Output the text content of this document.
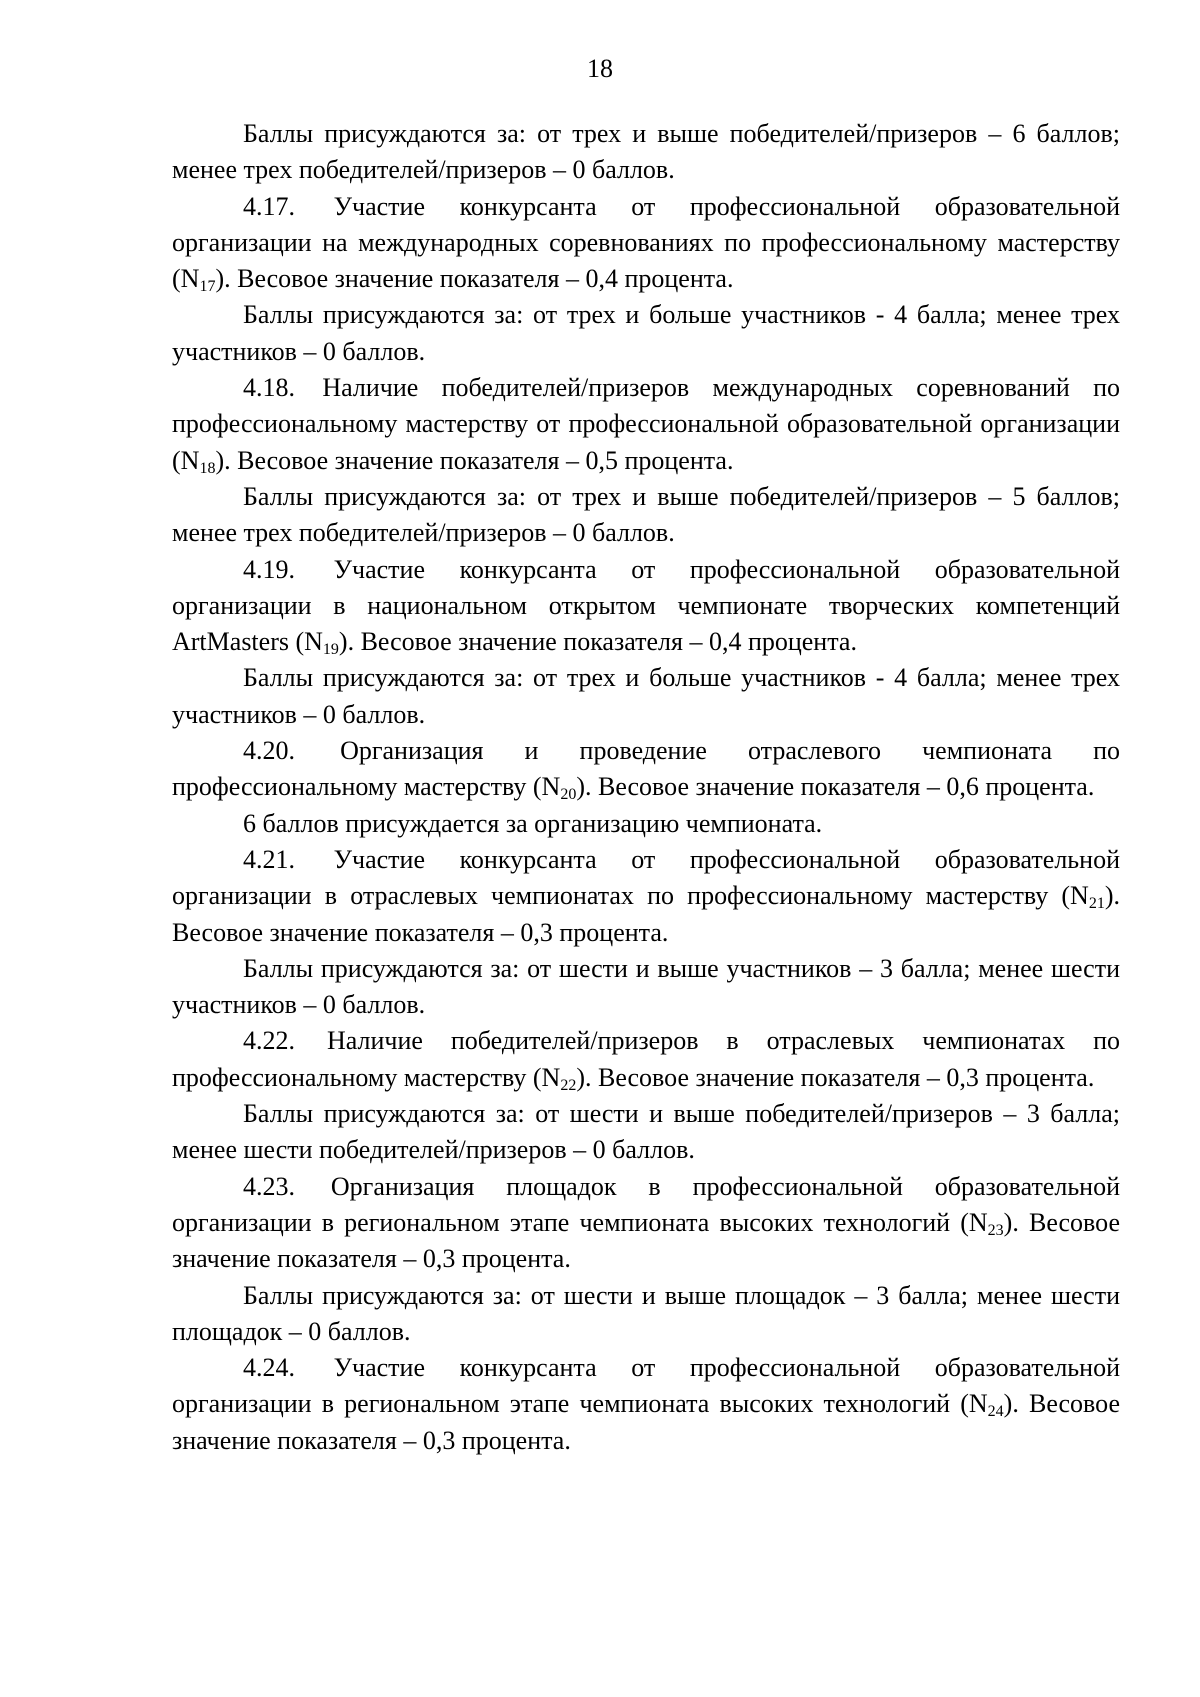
18

Баллы присуждаются за: от трех и выше победителей/призеров – 6 баллов; менее трех победителей/призеров – 0 баллов.

4.17. Участие конкурсанта от профессиональной образовательной организации на международных соревнованиях по профессиональному мастерству $(N_{17})$. Весовое значение показателя – 0,4 процента.

Баллы присуждаются за: от трех и больше участников - 4 балла; менее трех участников – 0 баллов.

4.18. Наличие победителей/призеров международных соревнований по профессиональному мастерству от профессиональной образовательной организации $(N_{18})$. Весовое значение показателя – 0,5 процента.

Баллы присуждаются за: от трех и выше победителей/призеров – 5 баллов; менее трех победителей/призеров – 0 баллов.

4.19. Участие конкурсанта от профессиональной образовательной организации в национальном открытом чемпионате творческих компетенций ArtMasters $(N_{19})$. Весовое значение показателя – 0,4 процента.

Баллы присуждаются за: от трех и больше участников - 4 балла; менее трех участников – 0 баллов.

4.20. Организация и проведение отраслевого чемпионата по профессиональному мастерству $(N_{20})$. Весовое значение показателя – 0,6 процента.

6 баллов присуждается за организацию чемпионата.

4.21. Участие конкурсанта от профессиональной образовательной организации в отраслевых чемпионатах по профессиональному мастерству $(N_{21})$. Весовое значение показателя – 0,3 процента.

Баллы присуждаются за: от шести и выше участников – 3 балла; менее шести участников – 0 баллов.

4.22. Наличие победителей/призеров в отраслевых чемпионатах по профессиональному мастерству $(N_{22})$. Весовое значение показателя – 0,3 процента.

Баллы присуждаются за: от шести и выше победителей/призеров – 3 балла; менее шести победителей/призеров – 0 баллов.

4.23. Организация площадок в профессиональной образовательной организации в региональном этапе чемпионата высоких технологий $(N_{23})$. Весовое значение показателя – 0,3 процента.

Баллы присуждаются за: от шести и выше площадок – 3 балла; менее шести площадок – 0 баллов.

4.24. Участие конкурсанта от профессиональной образовательной организации в региональном этапе чемпионата высоких технологий $(N_{24})$. Весовое значение показателя – 0,3 процента.
